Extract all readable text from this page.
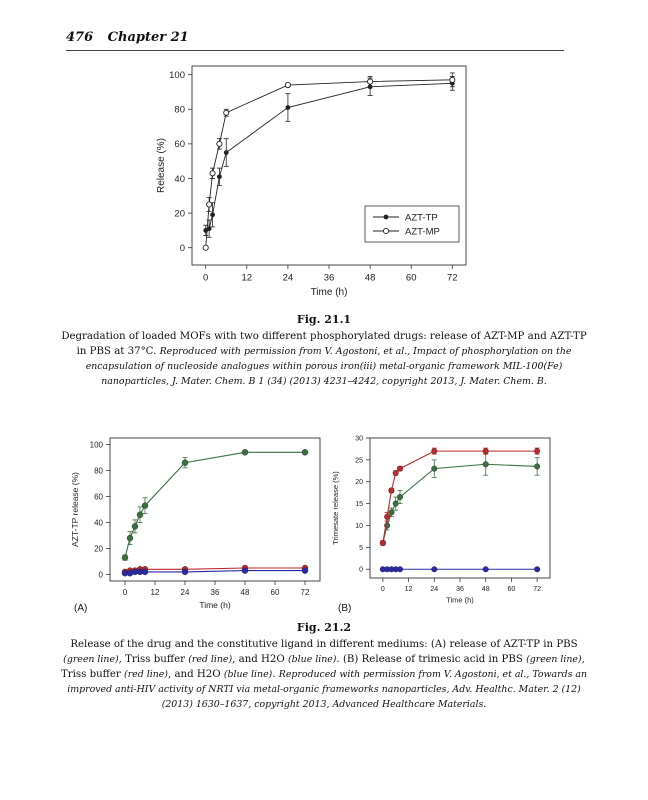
476 Chapter 21
0
20
40
60
80
100
0	12	24	36	48	60	72
Time (h)
Release (%)
AZT-TP
AZT-MP
Fig. 21.1
Degradation of loaded MOFs with two different phosphorylated drugs: release of AZT-MP and AZT-TP in PBS at 37°C. Reproduced with permission from V. Agostoni, et al., Impact of phosphorylation on the encapsulation of nucleoside analogues within porous iron(iii) metal-organic framework MIL-100(Fe) nanoparticles, J. Mater. Chem. B 1 (34) (2013) 4231–4242, copyright 2013, J. Mater. Chem. B.
0
20
40
60
80
100
0	12	24	36	48	60	72
Time (h)
AZT-TP release (%)
0
5
10
15
20
25
30
0	12	24	36	48	60	72
Time (h)
Trimesate release (%)
(A)	(B)
Fig. 21.2
Release of the drug and the constitutive ligand in different mediums: (A) release of AZT-TP in PBS (green line), Triss buffer (red line), and H2O (blue line). (B) Release of trimesic acid in PBS (green line), Triss buffer (red line), and H2O (blue line). Reproduced with permission from V. Agostoni, et al., Towards an improved anti-HIV activity of NRTI via metal-organic frameworks nanoparticles, Adv. Healthc. Mater. 2 (12) (2013) 1630–1637, copyright 2013, Advanced Healthcare Materials.
